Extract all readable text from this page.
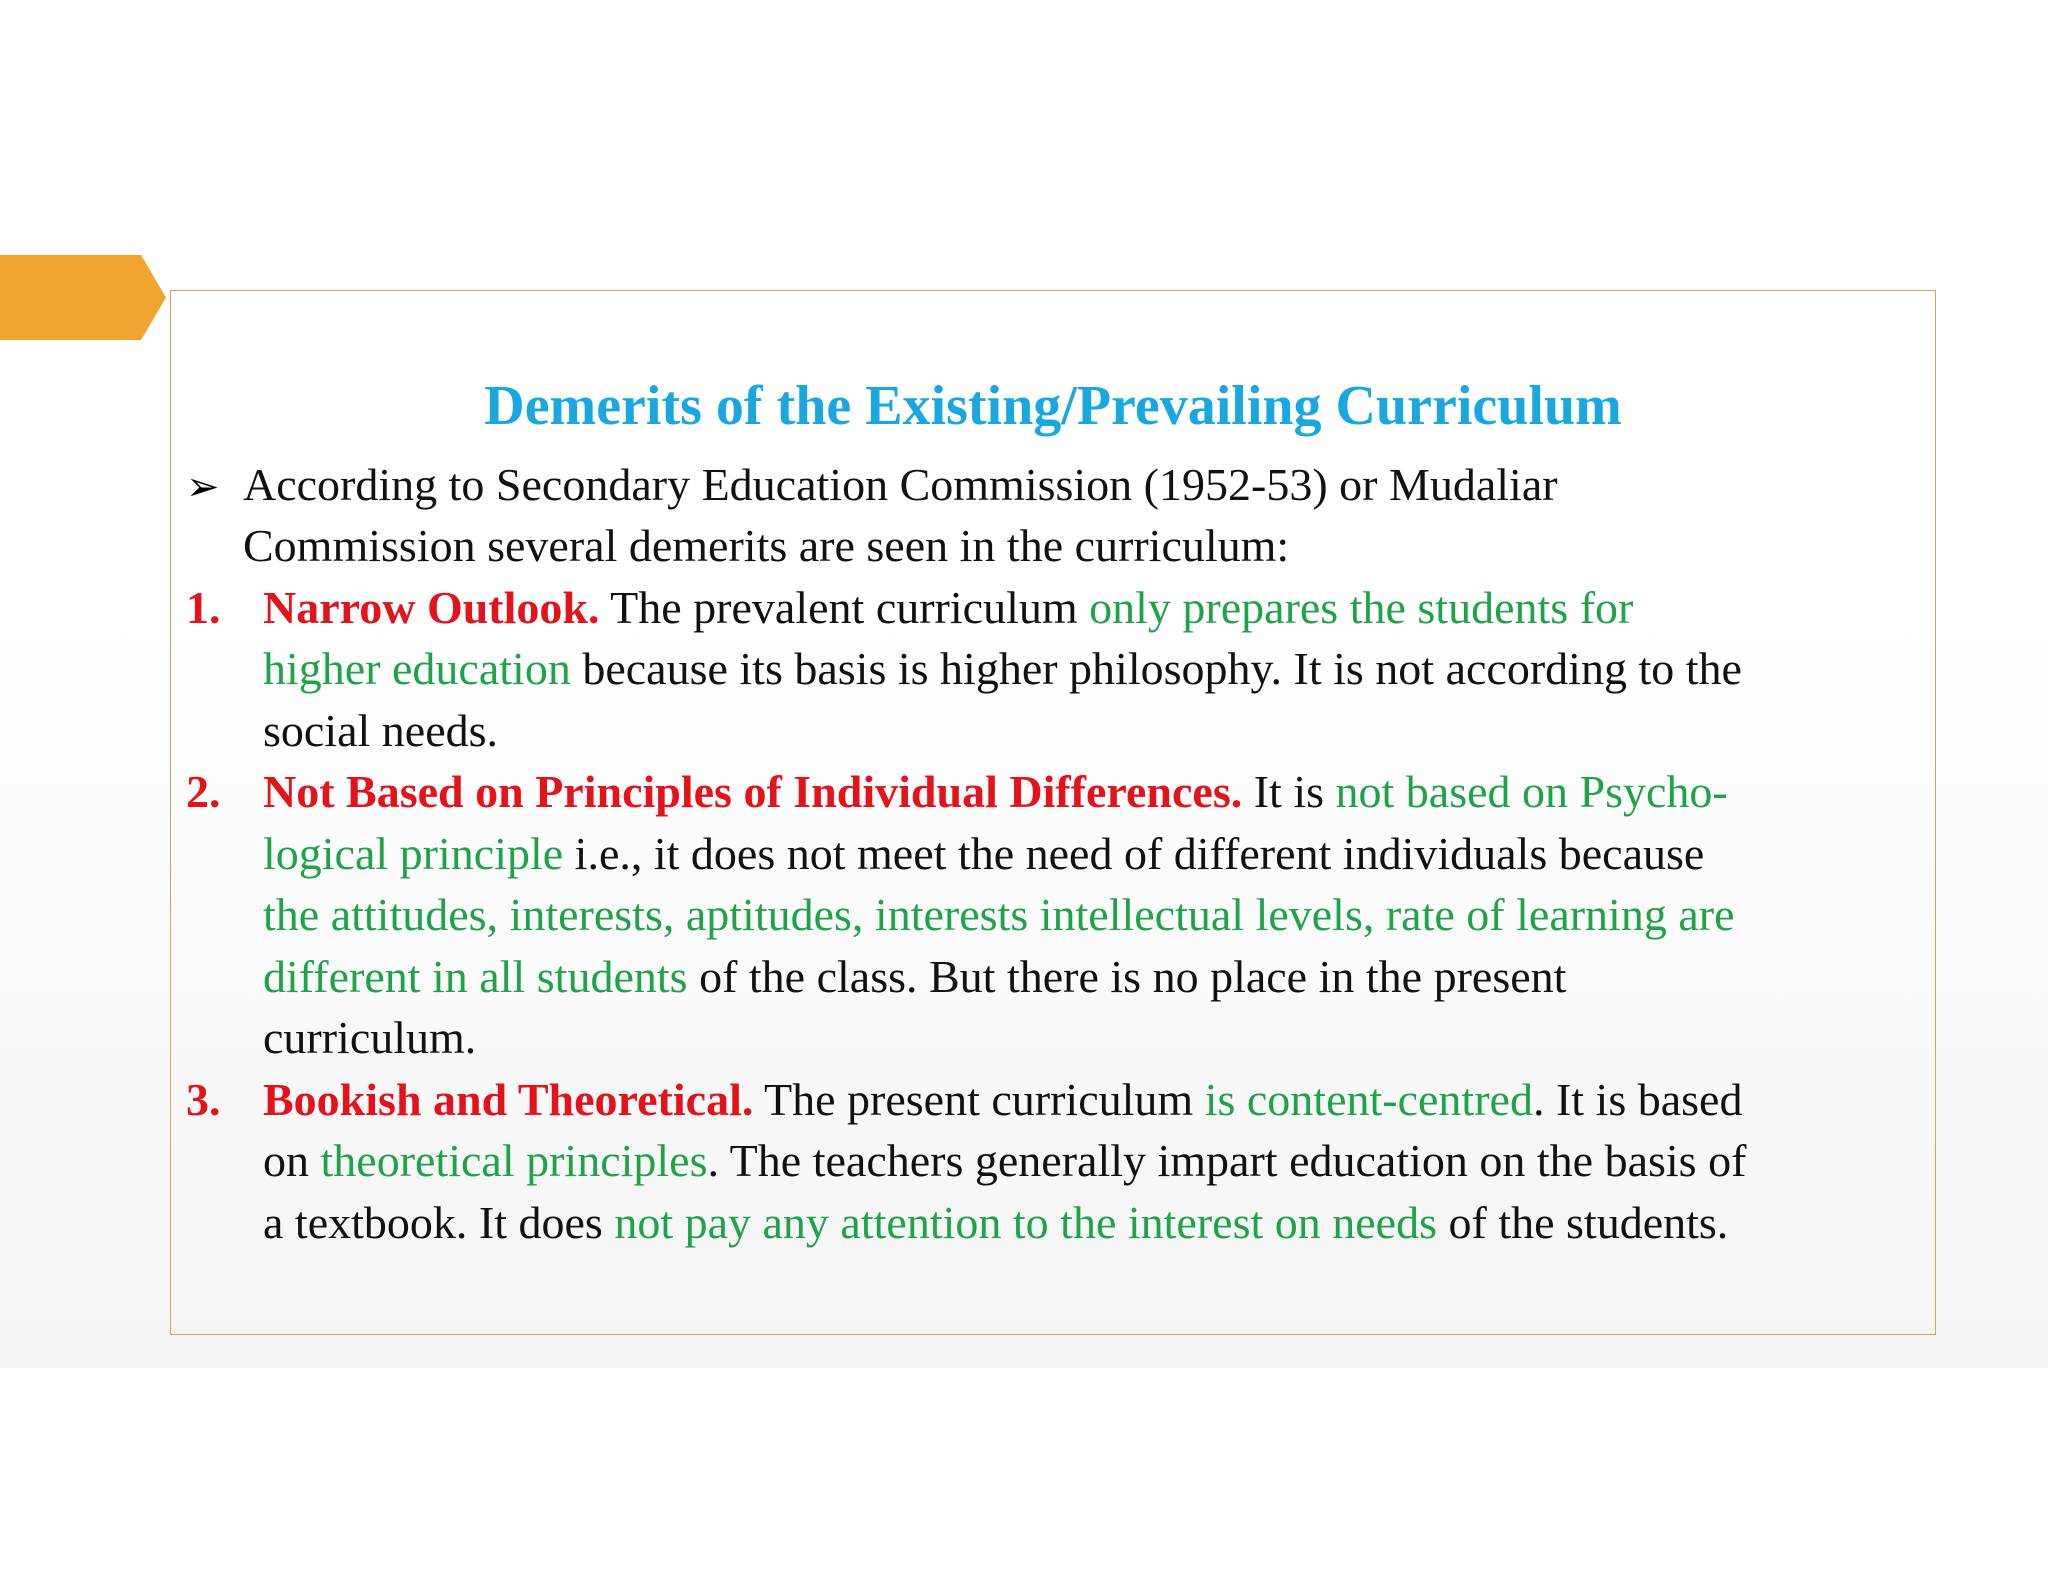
Demerits of the Existing/Prevailing Curriculum
➢ According to Secondary Education Commission (1952-53) or Mudaliar
Commission several demerits are seen in the curriculum:
1. Narrow Outlook. The prevalent curriculum only prepares the students for
higher education because its basis is higher philosophy. It is not according to the
social needs.
2. Not Based on Principles of Individual Differences. It is not based on Psycho-
logical principle i.e., it does not meet the need of different individuals because
the attitudes, interests, aptitudes, interests intellectual levels, rate of learning are
different in all students of the class. But there is no place in the present
curriculum.
3. Bookish and Theoretical. The present curriculum is content-centred. It is based
on theoretical principles. The teachers generally impart education on the basis of
a textbook. It does not pay any attention to the interest on needs of the students.
